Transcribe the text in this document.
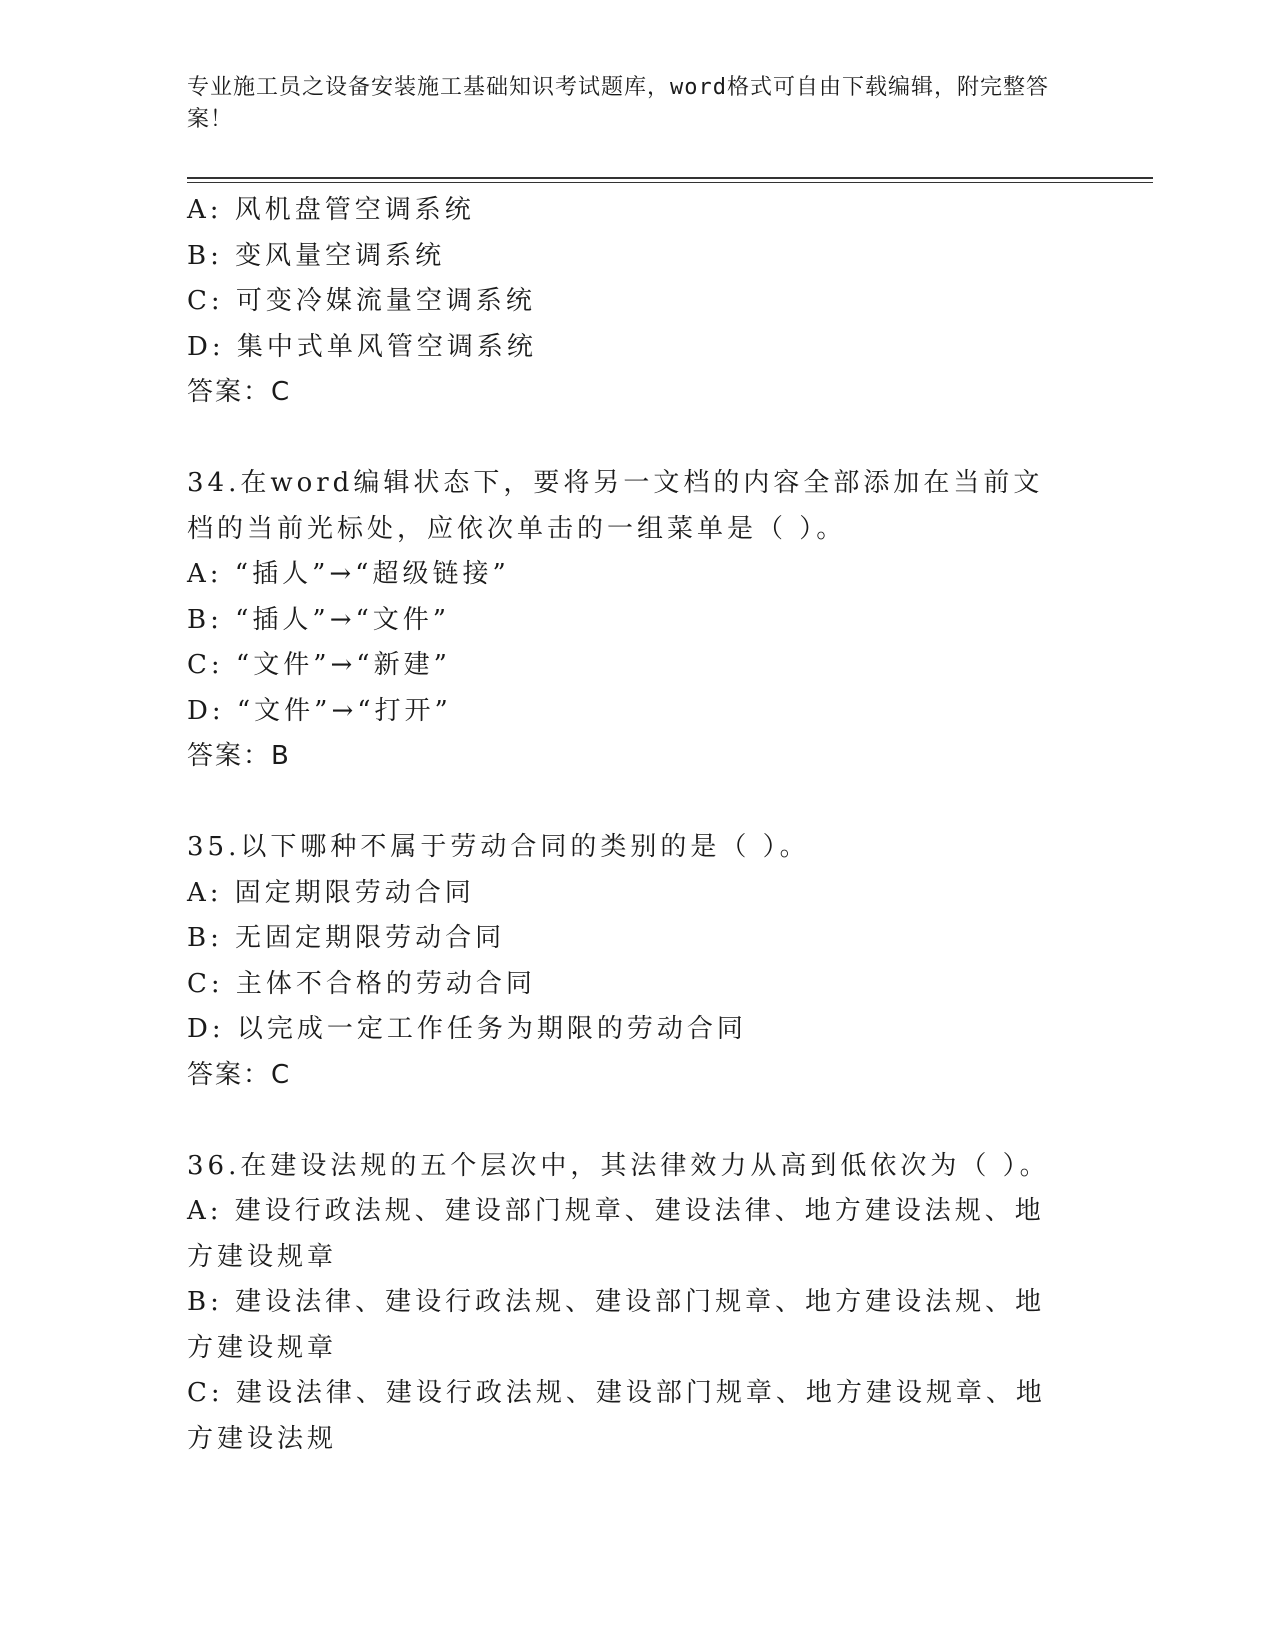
专业施工员之设备安装施工基础知识考试题库，word格式可自由下载编辑，附完整答案！
A: 风机盘管空调系统
B: 变风量空调系统
C: 可变冷媒流量空调系统
D: 集中式单风管空调系统
答案：C
34.在word编辑状态下，要将另一文档的内容全部添加在当前文档的当前光标处，应依次单击的一组菜单是（ ）。
A: “插人”→“超级链接”
B: “插人”→“文件”
C: “文件”→“新建”
D: “文件”→“打开”
答案：B
35.以下哪种不属于劳动合同的类别的是（ ）。
A: 固定期限劳动合同
B: 无固定期限劳动合同
C: 主体不合格的劳动合同
D: 以完成一定工作任务为期限的劳动合同
答案：C
36.在建设法规的五个层次中，其法律效力从高到低依次为（ ）。
A: 建设行政法规、建设部门规章、建设法律、地方建设法规、地方建设规章
B: 建设法律、建设行政法规、建设部门规章、地方建设法规、地方建设规章
C: 建设法律、建设行政法规、建设部门规章、地方建设规章、地方建设法规
